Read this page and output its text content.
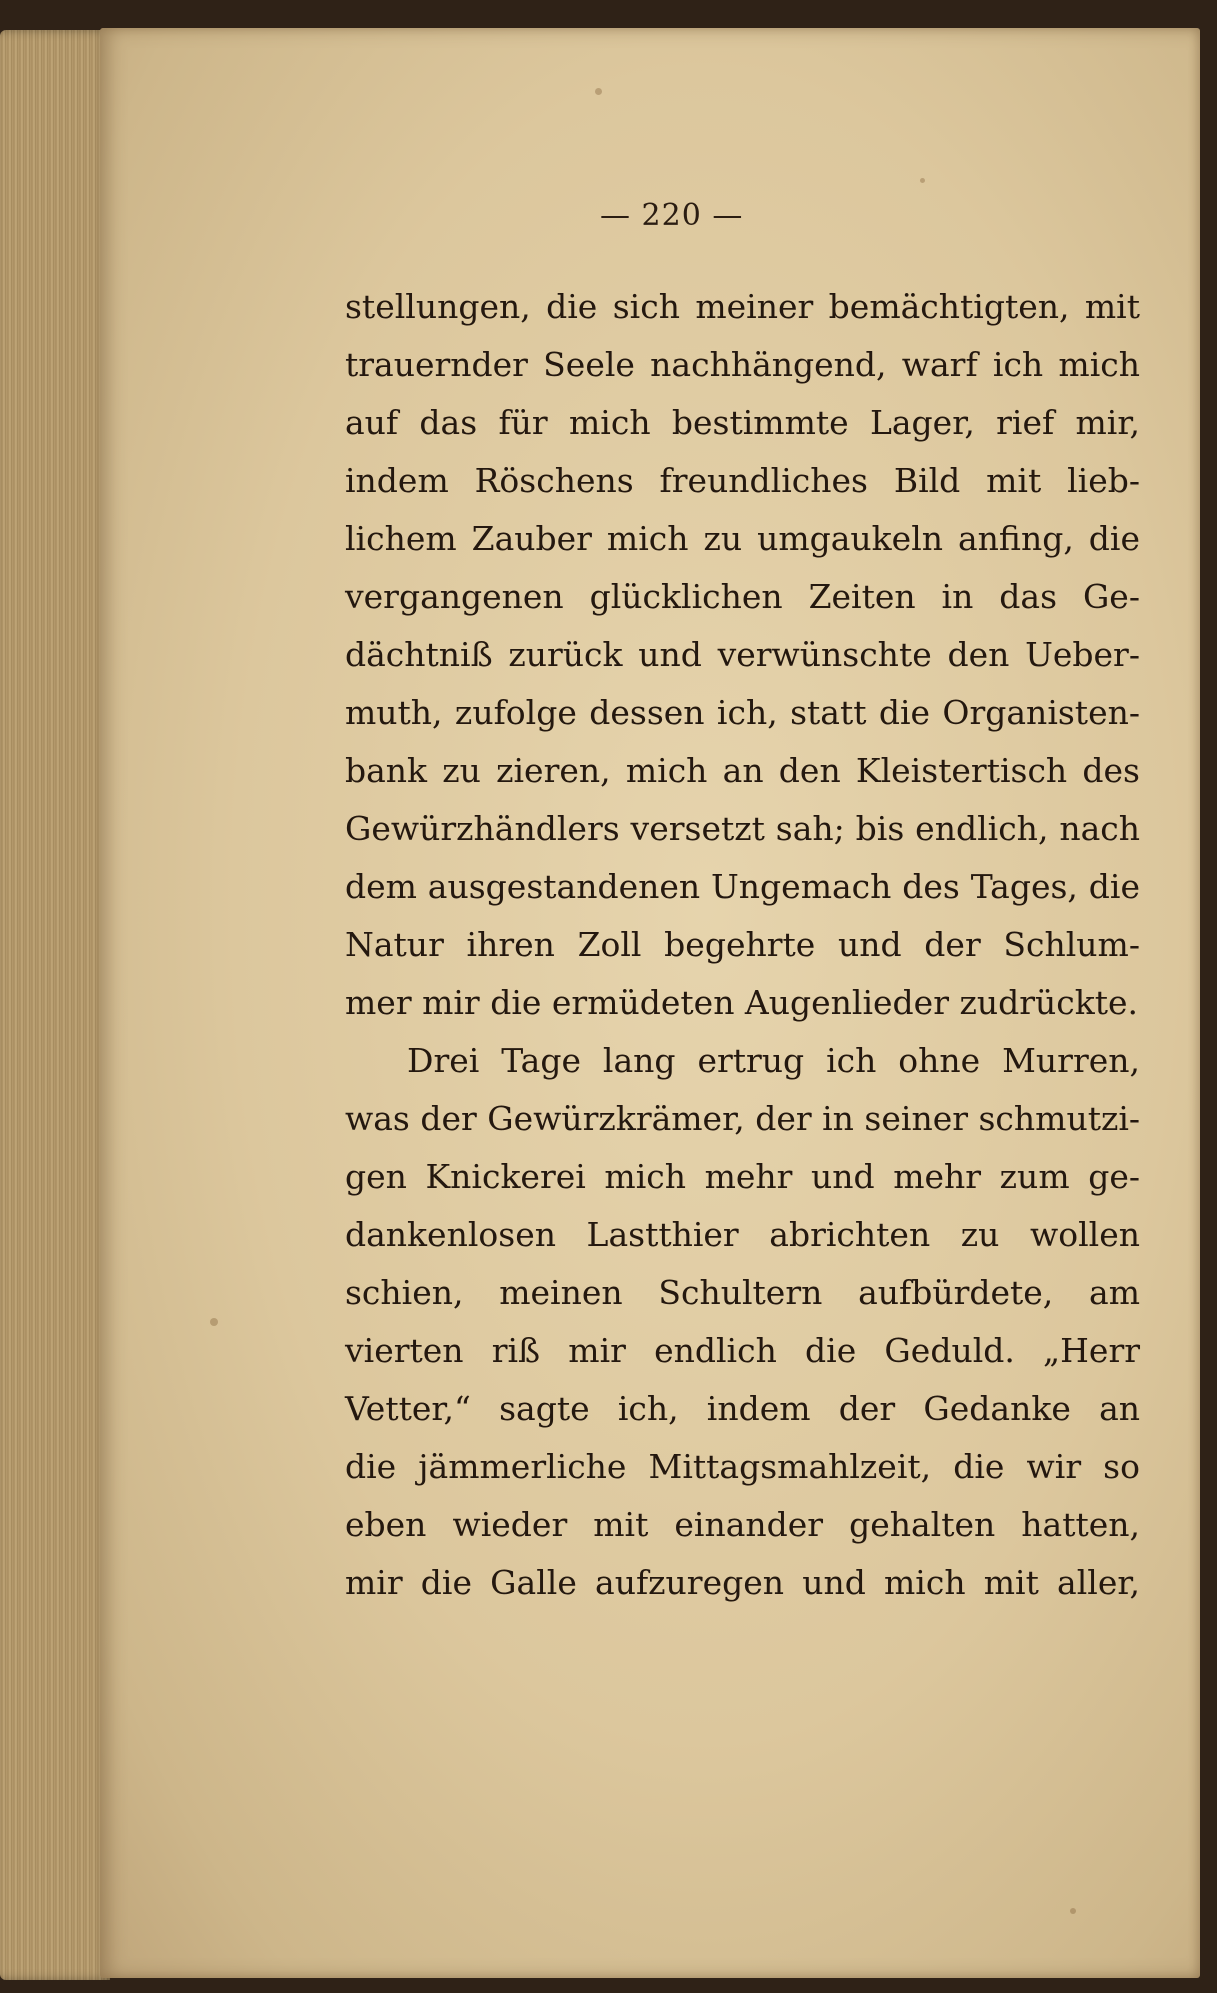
— 220 —
stellungen, die sich meiner bemächtigten, mit
trauernder Seele nachhängend, warf ich mich
auf das für mich bestimmte Lager, rief mir,
indem Röschens freundliches Bild mit lieb-
lichem Zauber mich zu umgaukeln anfing, die
vergangenen glücklichen Zeiten in das Ge-
dächtniß zurück und verwünschte den Ueber-
muth, zufolge dessen ich, statt die Organisten-
bank zu zieren, mich an den Kleistertisch des
Gewürzhändlers versetzt sah; bis endlich, nach
dem ausgestandenen Ungemach des Tages, die
Natur ihren Zoll begehrte und der Schlum-
mer mir die ermüdeten Augenlieder zudrückte.
Drei Tage lang ertrug ich ohne Murren,
was der Gewürzkrämer, der in seiner schmutzi-
gen Knickerei mich mehr und mehr zum ge-
dankenlosen Lastthier abrichten zu wollen
schien, meinen Schultern aufbürdete, am
vierten riß mir endlich die Geduld. „Herr
Vetter,“ sagte ich, indem der Gedanke an
die jämmerliche Mittagsmahlzeit, die wir so
eben wieder mit einander gehalten hatten,
mir die Galle aufzuregen und mich mit aller,
